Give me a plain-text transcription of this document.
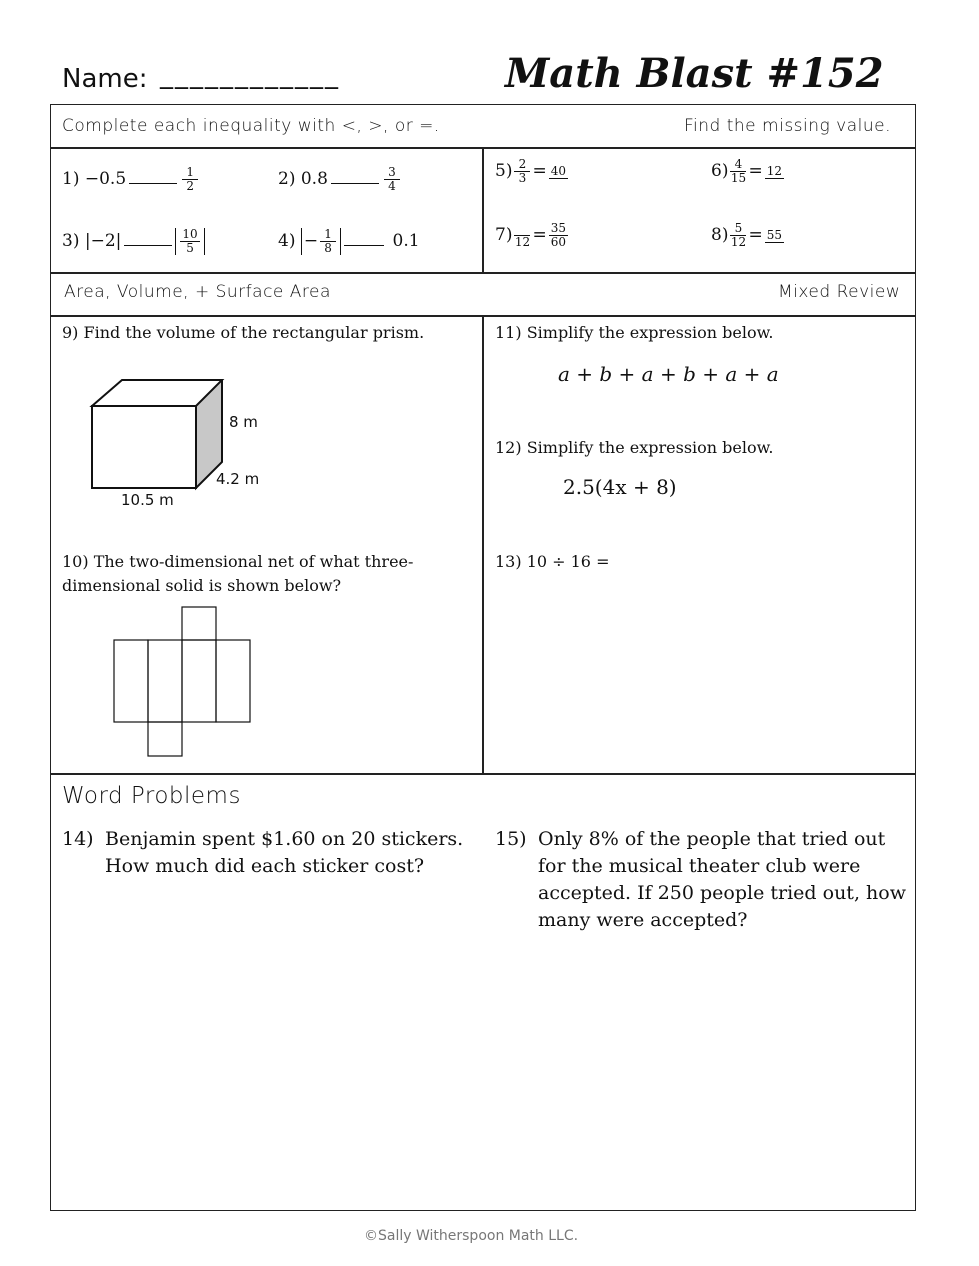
Name: ____________	Math Blast #152
Complete each inequality with <, >, or =.	Find the missing value.
1) −0.5	$\frac{1}{2}$	2) 0.8	$\frac{3}{4}$
3) |−2|	$\frac{10}{5}$	$4) - \frac{1}{8}$	0.1
$5) \frac{2}{3} = 40$	$6) \frac{4}{15} = 12$
7) $12 = \frac{35}{60}$	$8) \frac{5}{12} = 55$
Area, Volume, + Surface Area	Mixed Review
9) Find the volume of the rectangular prism.
8 m
4.2 m
10.5 m
10) The two-dimensional net of what three-
dimensional solid is shown below?
11) Simplify the expression below.
a + b + a + b + a + a
12) Simplify the expression below.
2.5(4x + 8)
13) 10 ÷ 16 =
Word Problems
14) Benjamin spent $1.60 on 20 stickers.
How much did each sticker cost?
15) Only 8% of the people that tried out
for the musical theater club were
accepted. If 250 people tried out, how
many were accepted?
©Sally Witherspoon Math LLC.
